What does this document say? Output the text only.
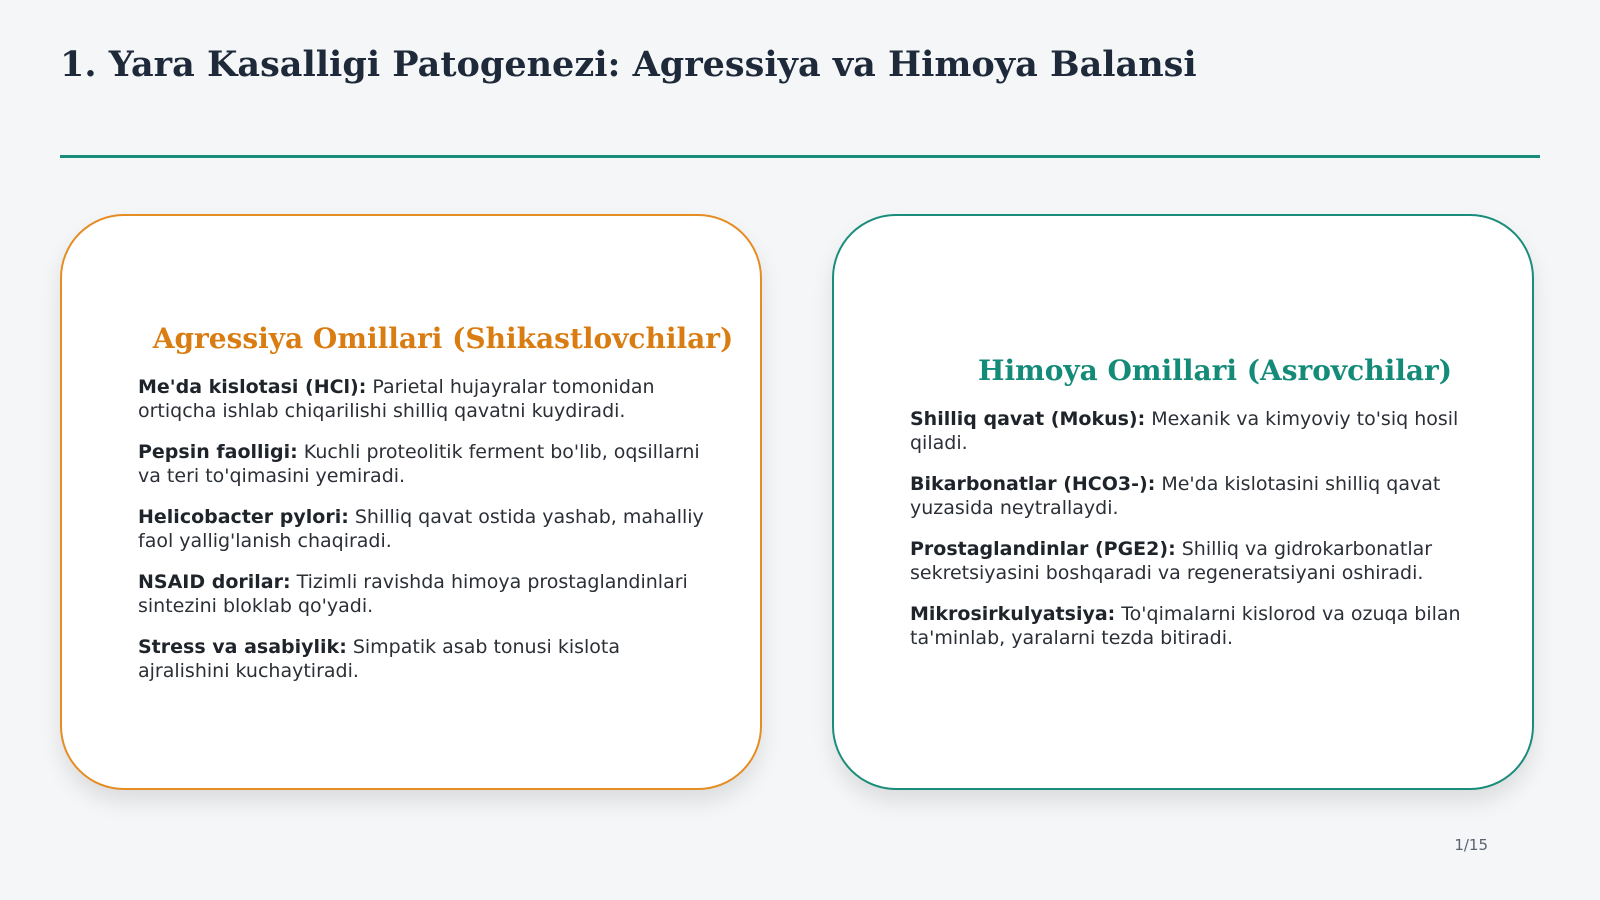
1. Yara Kasalligi Patogenezi: Agressiya va Himoya Balansi
Agressiya Omillari (Shikastlovchilar)

Me'da kislotasi (HCl): Parietal hujayralar tomonidan ortiqcha ishlab chiqarilishi shilliq qavatni kuydiradi.

Pepsin faolligi: Kuchli proteolitik ferment bo'lib, oqsillarni va teri to'qimasini yemiradi.

Helicobacter pylori: Shilliq qavat ostida yashab, mahalliy faol yallig'lanish chaqiradi.

NSAID dorilar: Tizimli ravishda himoya prostaglandinlari sintezini bloklab qo'yadi.

Stress va asabiylik: Simpatik asab tonusi kislota ajralishini kuchaytiradi.

Himoya Omillari (Asrovchilar)

Shilliq qavat (Mokus): Mexanik va kimyoviy to'siq hosil qiladi.

Bikarbonatlar (HCO3-): Me'da kislotasini shilliq qavat yuzasida neytrallaydi.

Prostaglandinlar (PGE2): Shilliq va gidrokarbonatlar sekretsiyasini boshqaradi va regeneratsiyani oshiradi.

Mikrosirkulyatsiya: To'qimalarni kislorod va ozuqa bilan ta'minlab, yaralarni tezda bitiradi.

1/15
